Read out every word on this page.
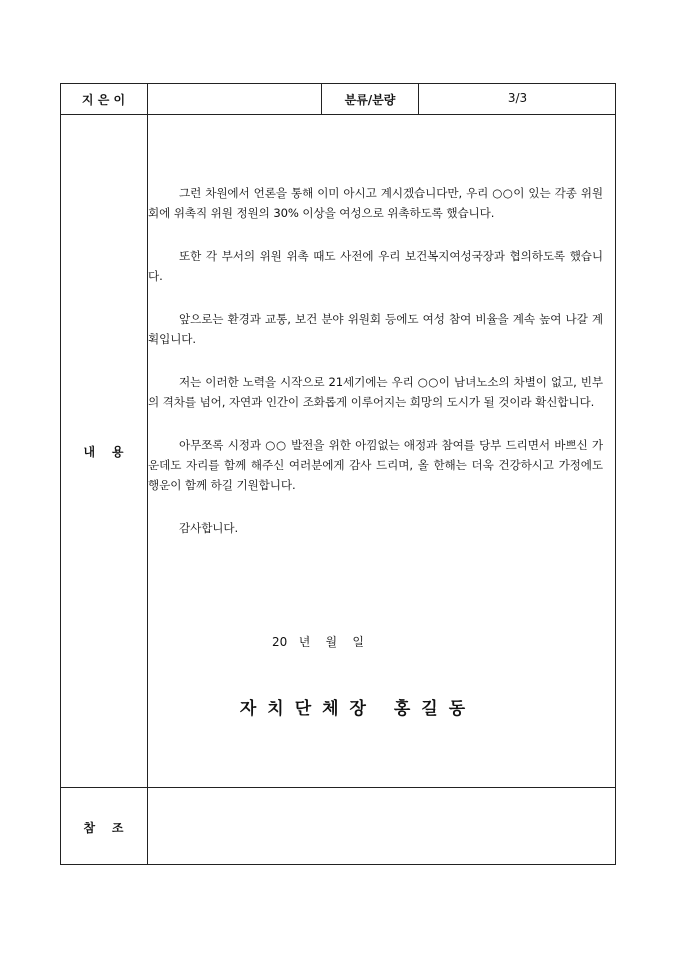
지 은 이	분류/분량	3/3
내    용

그런 차원에서 언론을 통해 이미 아시고 계시겠습니다만, 우리 ○○이 있는 각종 위원회에 위촉직 위원 정원의 30% 이상을 여성으로 위촉하도록 했습니다.

또한 각 부서의 위원 위촉 때도 사전에 우리 보건복지여성국장과 협의하도록 했습니다.

앞으로는 환경과 교통, 보건 분야 위원회 등에도 여성 참여 비율을 계속 높여 나갈 계획입니다.

저는 이러한 노력을 시작으로 21세기에는 우리 ○○이 남녀노소의 차별이 없고, 빈부의 격차를 넘어, 자연과 인간이 조화롭게 이루어지는 희망의 도시가 될 것이라 확신합니다.

아무쪼록 시정과 ○○ 발전을 위한 아낌없는 애정과 참여를 당부 드리면서 바쁘신 가운데도 자리를 함께 해주신 여러분에게 감사 드리며, 올 한해는 더욱 건강하시고 가정에도 행운이 함께 하길 기원합니다.

감사합니다.

20   년    월    일
자치단체장 홍길동
참    조
